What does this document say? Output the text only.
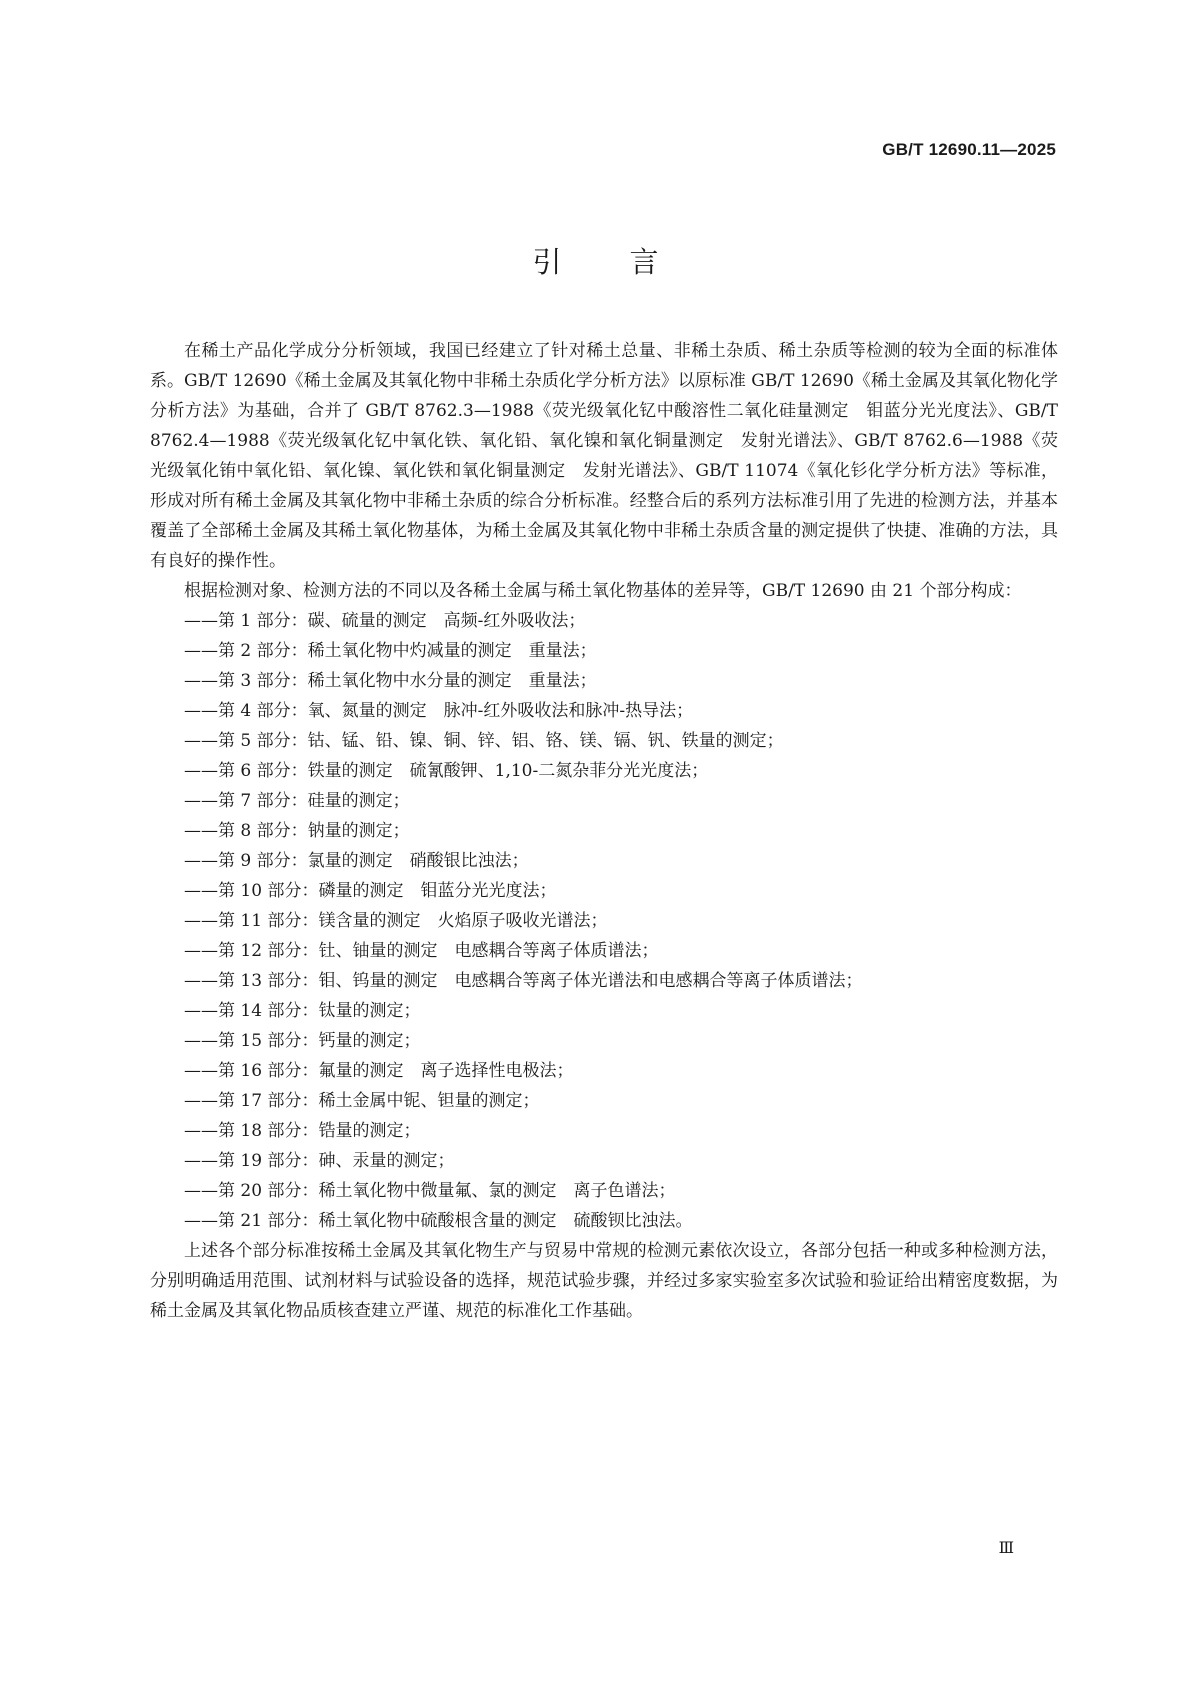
GB/T 12690.11—2025
引言

在稀土产品化学成分分析领域，我国已经建立了针对稀土总量、非稀土杂质、稀土杂质等检测的较为全面的标准体系。GB/T 12690《稀土金属及其氧化物中非稀土杂质化学分析方法》以原标准 GB/T 12690《稀土金属及其氧化物化学分析方法》为基础，合并了 GB/T 8762.3—1988《荧光级氧化钇中酸溶性二氧化硅量测定　钼蓝分光光度法》、GB/T 8762.4—1988《荧光级氧化钇中氧化铁、氧化铅、氧化镍和氧化铜量测定　发射光谱法》、GB/T 8762.6—1988《荧光级氧化铕中氧化铅、氧化镍、氧化铁和氧化铜量测定　发射光谱法》、GB/T 11074《氧化钐化学分析方法》等标准，形成对所有稀土金属及其氧化物中非稀土杂质的综合分析标准。经整合后的系列方法标准引用了先进的检测方法，并基本覆盖了全部稀土金属及其稀土氧化物基体，为稀土金属及其氧化物中非稀土杂质含量的测定提供了快捷、准确的方法，具有良好的操作性。

根据检测对象、检测方法的不同以及各稀土金属与稀土氧化物基体的差异等，GB/T 12690 由 21 个部分构成：

——第 1 部分：碳、硫量的测定　高频-红外吸收法；
——第 2 部分：稀土氧化物中灼减量的测定　重量法；
——第 3 部分：稀土氧化物中水分量的测定　重量法；
——第 4 部分：氧、氮量的测定　脉冲-红外吸收法和脉冲-热导法；
——第 5 部分：钴、锰、铅、镍、铜、锌、铝、铬、镁、镉、钒、铁量的测定；
——第 6 部分：铁量的测定　硫氰酸钾、1,10-二氮杂菲分光光度法；
——第 7 部分：硅量的测定；
——第 8 部分：钠量的测定；
——第 9 部分：氯量的测定　硝酸银比浊法；
——第 10 部分：磷量的测定　钼蓝分光光度法；
——第 11 部分：镁含量的测定　火焰原子吸收光谱法；
——第 12 部分：钍、铀量的测定　电感耦合等离子体质谱法；
——第 13 部分：钼、钨量的测定　电感耦合等离子体光谱法和电感耦合等离子体质谱法；
——第 14 部分：钛量的测定；
——第 15 部分：钙量的测定；
——第 16 部分：氟量的测定　离子选择性电极法；
——第 17 部分：稀土金属中铌、钽量的测定；
——第 18 部分：锆量的测定；
——第 19 部分：砷、汞量的测定；
——第 20 部分：稀土氧化物中微量氟、氯的测定　离子色谱法；
——第 21 部分：稀土氧化物中硫酸根含量的测定　硫酸钡比浊法。

上述各个部分标准按稀土金属及其氧化物生产与贸易中常规的检测元素依次设立，各部分包括一种或多种检测方法，分别明确适用范围、试剂材料与试验设备的选择，规范试验步骤，并经过多家实验室多次试验和验证给出精密度数据，为稀土金属及其氧化物品质核查建立严谨、规范的标准化工作基础。

Ⅲ
